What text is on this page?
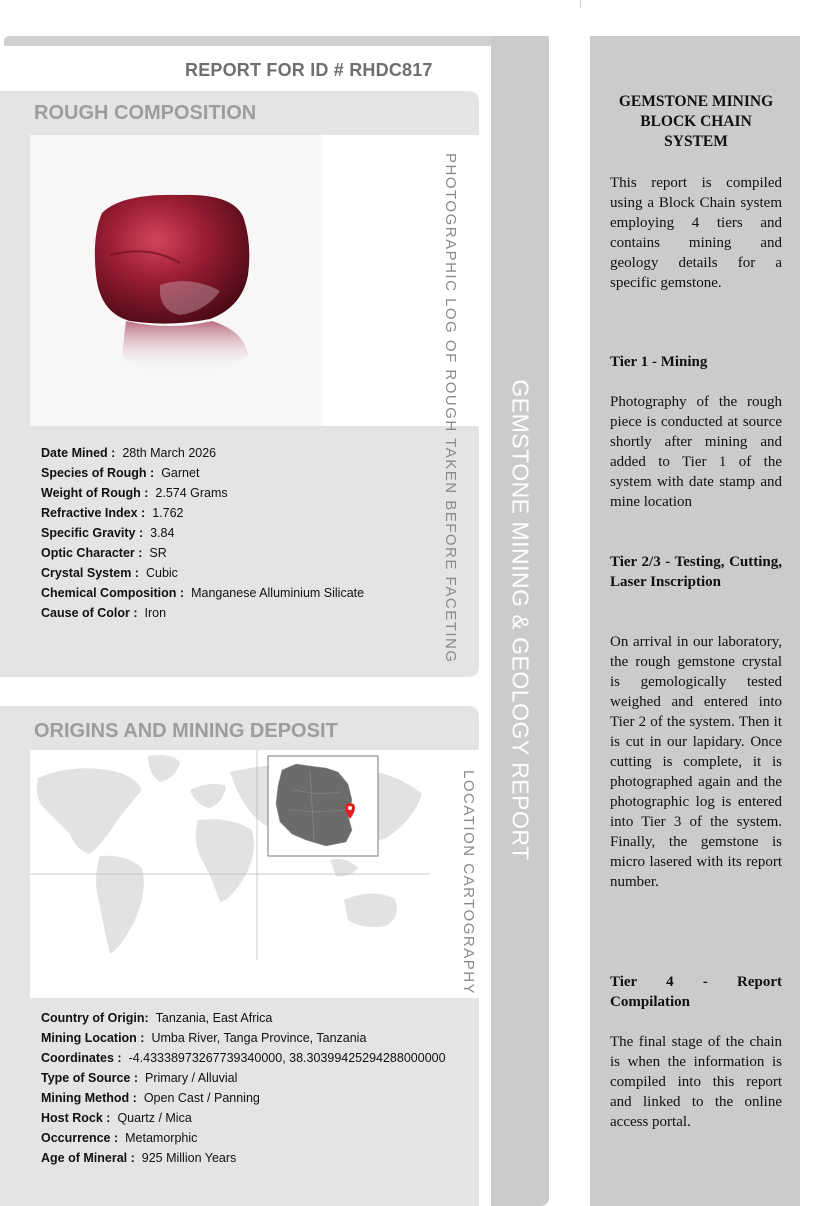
GEMSTONE MINING & GEOLOGY REPORT
REPORT FOR ID # RHDC817
ROUGH COMPOSITION
PHOTOGRAPHIC LOG OF ROUGH TAKEN BEFORE FACETING
Date Mined : 28th March 2026
Species of Rough : Garnet
Weight of Rough : 2.574 Grams
Refractive Index : 1.762
Specific Gravity : 3.84
Optic Character : SR
Crystal System : Cubic
Chemical Composition : Manganese Alluminium Silicate
Cause of Color : Iron
ORIGINS AND MINING DEPOSIT
LOCATION CARTOGRAPHY
Country of Origin: Tanzania, East Africa
Mining Location : Umba River, Tanga Province, Tanzania
Coordinates : -4.43338973267739340000, 38.30399425294288000000
Type of Source : Primary / Alluvial
Mining Method : Open Cast / Panning
Host Rock : Quartz / Mica
Occurrence : Metamorphic
Age of Mineral : 925 Million Years
GEMSTONE MINING BLOCK CHAIN SYSTEM
This report is compiled using a Block Chain system employing 4 tiers and contains mining and geology details for a specific gemstone.
Tier 1 - Mining
Photography of the rough piece is conducted at source shortly after mining and added to Tier 1 of the system with date stamp and mine location
Tier 2/3 - Testing, Cutting, Laser Inscription
On arrival in our laboratory, the rough gemstone crystal is gemologically tested weighed and entered into Tier 2 of the system. Then it is cut in our lapidary. Once cutting is complete, it is photographed again and the photographic log is entered into Tier 3 of the system. Finally, the gemstone is micro lasered with its report number.
Tier 4 - Report Compilation
The final stage of the chain is when the information is compiled into this report and linked to the online access portal.
